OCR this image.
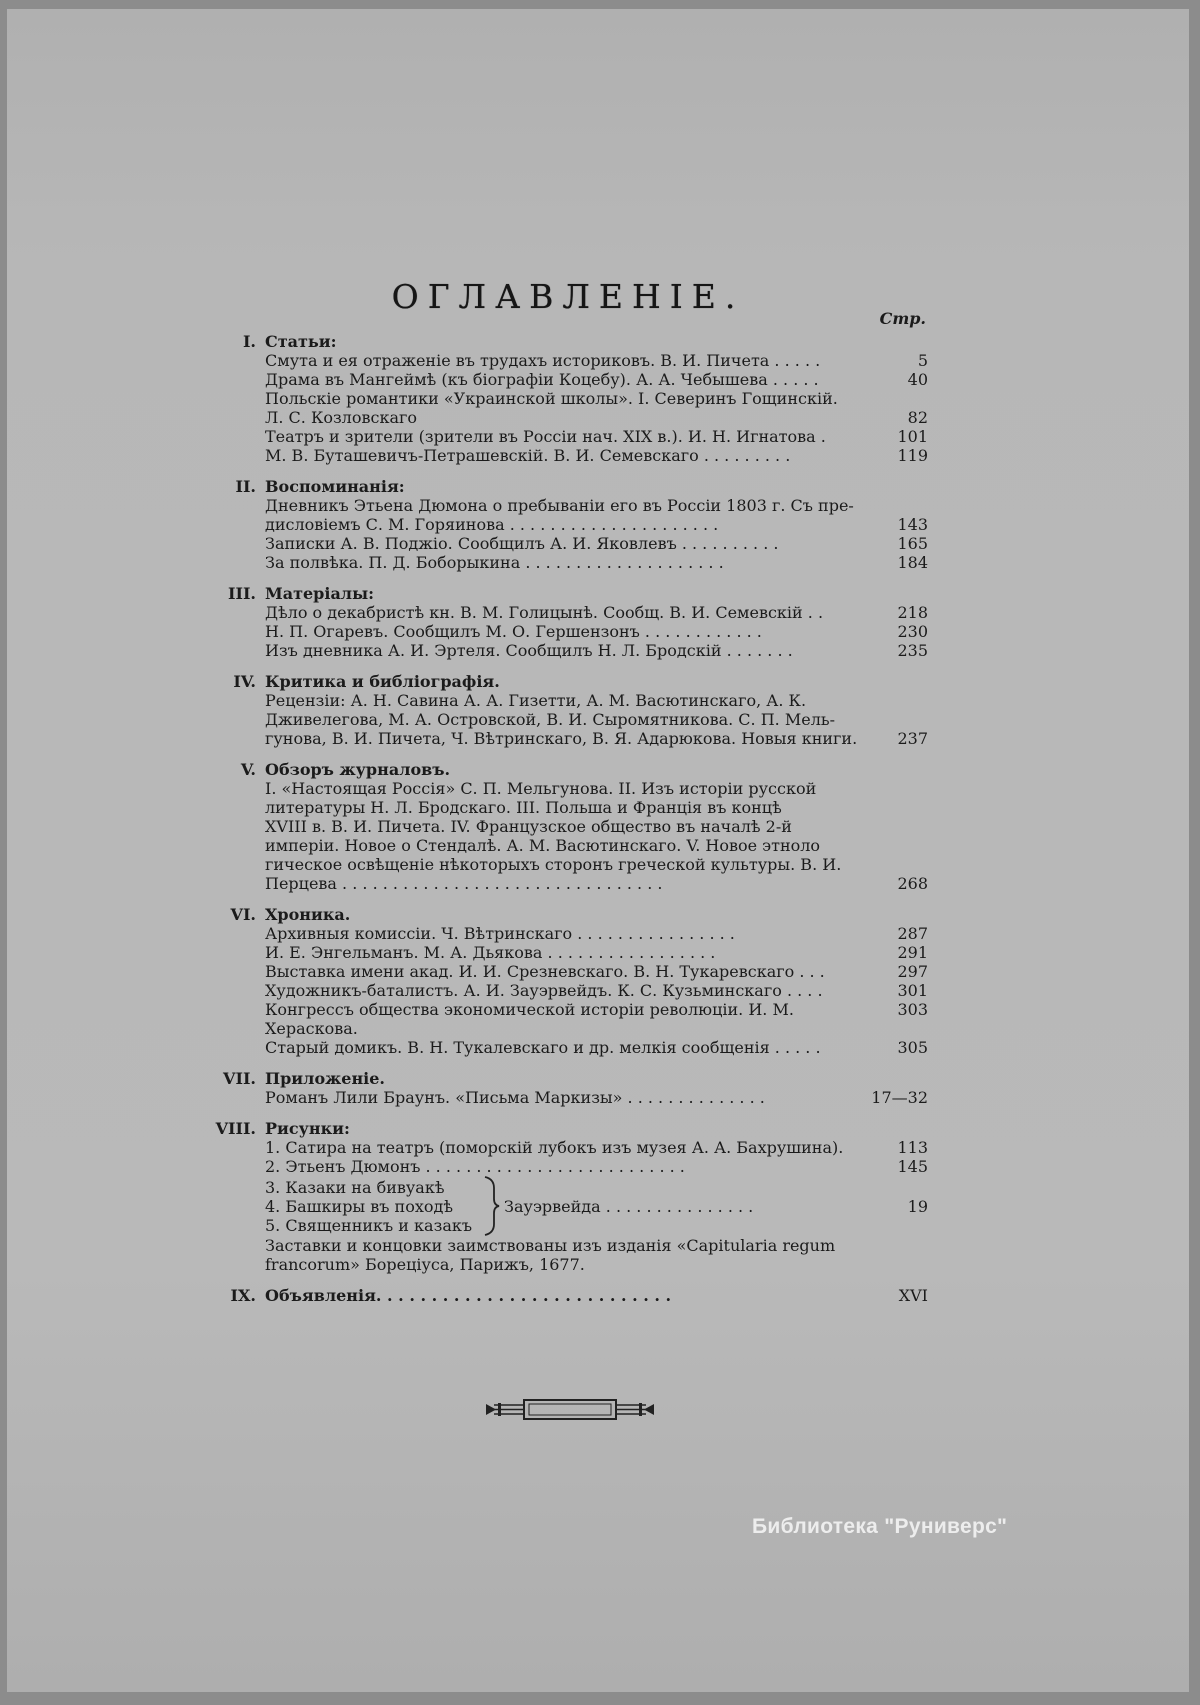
ОГЛАВЛЕНІЕ.
Стр.
I. Статьи:
Смута и ея отраженіе въ трудахъ историковъ. В. И. Пичета . . . . .	5
Драма въ Мангеймѣ (къ біографіи Коцебу). А. А. Чебышева . . . . .	40
Польскіе романтики «Украинской школы». I. Северинъ Гощинскій.
Л. С. Козловскаго	82
Театръ и зрители (зрители въ Россіи нач. XIX в.). И. Н. Игнатова .	101
М. В. Буташевичъ-Петрашевскій. В. И. Семевскаго . . . . . . . . .	119
II. Воспоминанія:
Дневникъ Этьена Дюмона о пребываніи его въ Россіи 1803 г. Съ пре-
дисловіемъ С. М. Горяинова . . . . . . . . . . . . . . . . . . . . .	143
Записки А. В. Поджіо. Сообщилъ А. И. Яковлевъ . . . . . . . . . .	165
За полвѣка. П. Д. Боборыкина . . . . . . . . . . . . . . . . . . . .	184
III. Матеріалы:
Дѣло о декабристѣ кн. В. М. Голицынѣ. Сообщ. В. И. Семевскій . .	218
Н. П. Огаревъ. Сообщилъ М. О. Гершензонъ . . . . . . . . . . . .	230
Изъ дневника А. И. Эртеля. Сообщилъ Н. Л. Бродскій . . . . . . .	235
IV. Критика и библіографія.
Рецензіи: А. Н. Савина А. А. Гизетти, А. М. Васютинскаго, А. К.
Дживелегова, М. А. Островской, В. И. Сыромятникова. С. П. Мель-
гунова, В. И. Пичета, Ч. Вѣтринскаго, В. Я. Адарюкова. Новыя книги.	237
V. Обзоръ журналовъ.
I. «Настоящая Россія» С. П. Мельгунова. II. Изъ исторіи русской
литературы Н. Л. Бродскаго. III. Польша и Франція въ концѣ
XVIII в. В. И. Пичета. IV. Французское общество въ началѣ 2-й
имперіи. Новое о Стендалѣ. А. М. Васютинскаго. V. Новое этноло
гическое освѣщеніе нѣкоторыхъ сторонъ греческой культуры. В. И.
Перцева . . . . . . . . . . . . . . . . . . . . . . . . . . . . . . . .	268
VI. Хроника.
Архивныя комиссіи. Ч. Вѣтринскаго . . . . . . . . . . . . . . . .	287
И. Е. Энгельманъ. М. А. Дьякова . . . . . . . . . . . . . . . . .	291
Выставка имени акад. И. И. Срезневскаго. В. Н. Тукаревскаго . . .	297
Художникъ-баталистъ. А. И. Зауэрвейдъ. К. С. Кузьминскаго . . . .	301
Конгрессъ общества экономической исторіи революціи. И. М. Хераскова.
303
Старый домикъ. В. Н. Тукалевскаго и др. мелкія сообщенія . . . . .	305
VII. Приложеніе.
Романъ Лили Браунъ. «Письма Маркизы» . . . . . . . . . . . . . .	17—32
VIII. Рисунки:
1. Сатира на театръ (поморскій лубокъ изъ музея А. А. Бахрушина).	113
2. Этьенъ Дюмонъ . . . . . . . . . . . . . . . . . . . . . . . . . .	145
3. Казаки на бивуакѣ
4. Башкиры въ походѣ
5. Священникъ и казакъ
Зауэрвейда . . . . . . . . . . . . . . .	19
Заставки и концовки заимствованы изъ изданія «Capitularia regum
francorum» Бореціуса, Парижъ, 1677.
IX. Объявленія. . . . . . . . . . . . . . . . . . . . . . . . . . .	XVI
Библиотека "Руниверс"
